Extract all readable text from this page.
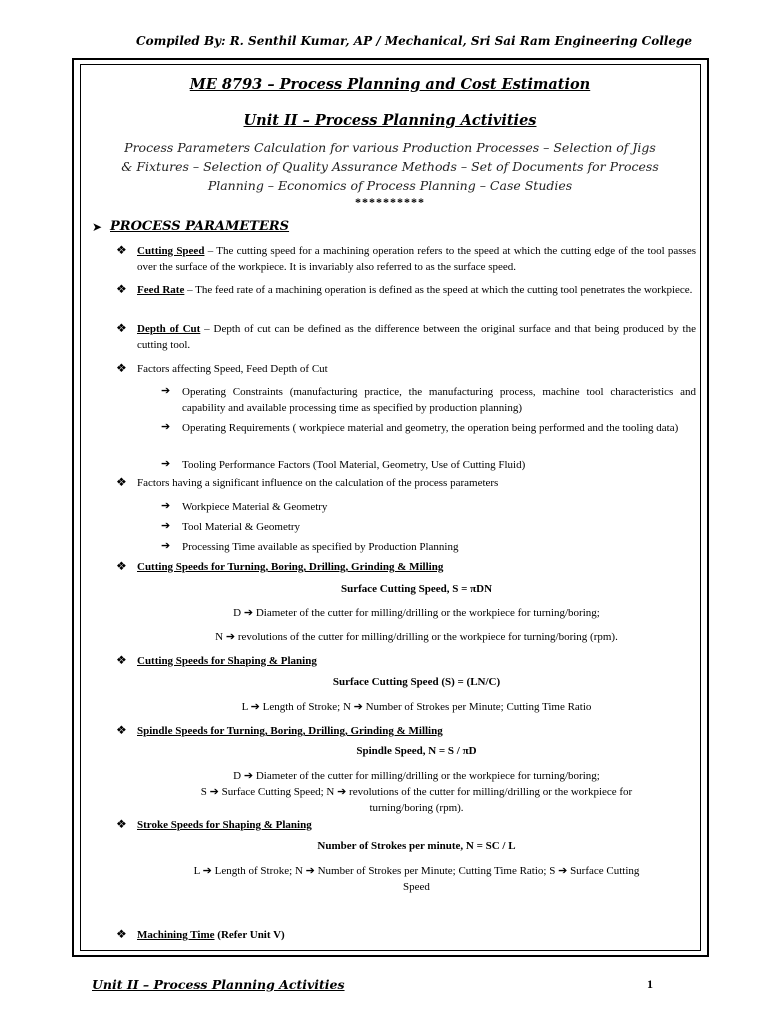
Compiled By: R. Senthil Kumar, AP / Mechanical, Sri Sai Ram Engineering College
ME 8793 – Process Planning and Cost Estimation
Unit II – Process Planning Activities
Process Parameters Calculation for various Production Processes – Selection of Jigs
& Fixtures – Selection of Quality Assurance Methods – Set of Documents for Process
Planning – Economics of Process Planning – Case Studies
**********
➤ PROCESS PARAMETERS
❖ Cutting Speed – The cutting speed for a machining operation refers to the speed at which the cutting edge of the tool passes over the surface of the workpiece. It is invariably also referred to as the surface speed.
❖ Feed Rate – The feed rate of a machining operation is defined as the speed at which the cutting tool penetrates the workpiece.
❖ Depth of Cut – Depth of cut can be defined as the difference between the original surface and that being produced by the cutting tool.
❖ Factors affecting Speed, Feed Depth of Cut
➔ Operating Constraints (manufacturing practice, the manufacturing process, machine tool characteristics and capability and available processing time as specified by production planning)
➔ Operating Requirements ( workpiece material and geometry, the operation being performed and the tooling data)
➔ Tooling Performance Factors (Tool Material, Geometry, Use of Cutting Fluid)
❖ Factors having a significant influence on the calculation of the process parameters
➔ Workpiece Material & Geometry
➔ Tool Material & Geometry
➔ Processing Time available as specified by Production Planning
❖ Cutting Speeds for Turning, Boring, Drilling, Grinding & Milling
Surface Cutting Speed, S = πDN
D ➔ Diameter of the cutter for milling/drilling or the workpiece for turning/boring;
N ➔ revolutions of the cutter for milling/drilling or the workpiece for turning/boring (rpm).
❖ Cutting Speeds for Shaping & Planing
Surface Cutting Speed (S) = (LN/C)
L ➔ Length of Stroke; N ➔ Number of Strokes per Minute; Cutting Time Ratio
❖ Spindle Speeds for Turning, Boring, Drilling, Grinding & Milling
Spindle Speed, N = S / πD
D ➔ Diameter of the cutter for milling/drilling or the workpiece for turning/boring;
S ➔ Surface Cutting Speed; N ➔ revolutions of the cutter for milling/drilling or the workpiece for
turning/boring (rpm).
❖ Stroke Speeds for Shaping & Planing
Number of Strokes per minute, N = SC / L
L ➔ Length of Stroke; N ➔ Number of Strokes per Minute; Cutting Time Ratio; S ➔ Surface Cutting
Speed
❖ Machining Time (Refer Unit V)
Unit II – Process Planning Activities	1
